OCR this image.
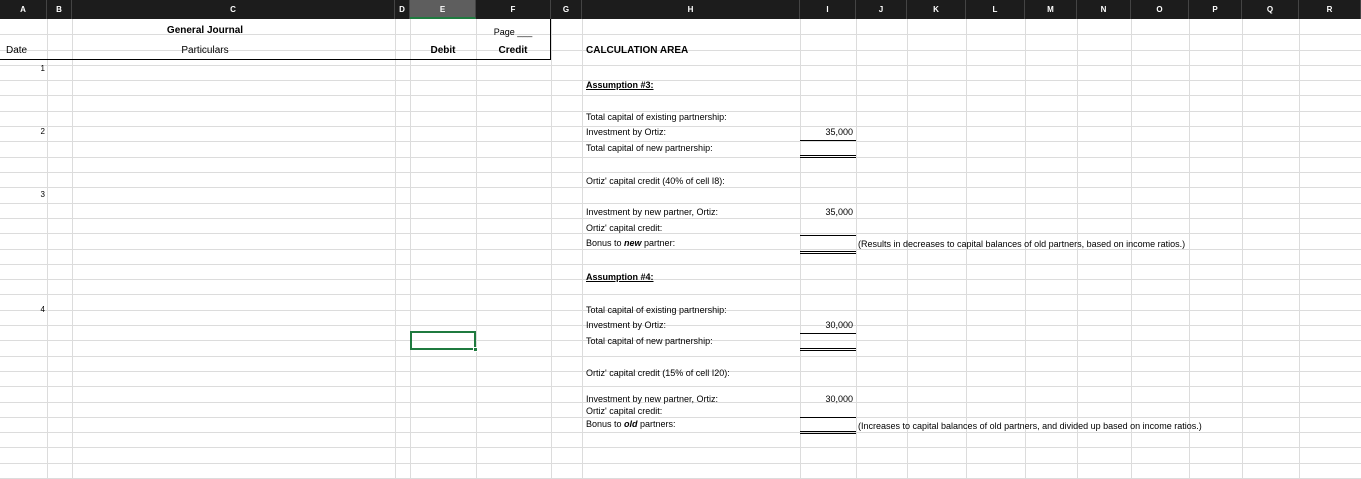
A	B	C	D	E	F	G	H	I	J	K	L	M	N	O	P	Q	R
General Journal	Page ___
Date	Particulars	Debit	Credit
1
2
3
4
CALCULATION AREA
Assumption #3:
Total capital of existing partnership:
Investment by Ortiz:	35,000
Total capital of new partnership:
Ortiz' capital credit (40% of cell I8):
Investment by new partner, Ortiz:	35,000
Ortiz' capital credit:
Bonus to new partner:	(Results in decreases to capital balances of old partners, based on income ratios.)
Assumption #4:
Total capital of existing partnership:
Investment by Ortiz:	30,000
Total capital of new partnership:
Ortiz' capital credit (15% of cell I20):
Investment by new partner, Ortiz:	30,000
Ortiz' capital credit:
Bonus to old partners:	(Increases to capital balances of old partners, and divided up based on income ratios.)
